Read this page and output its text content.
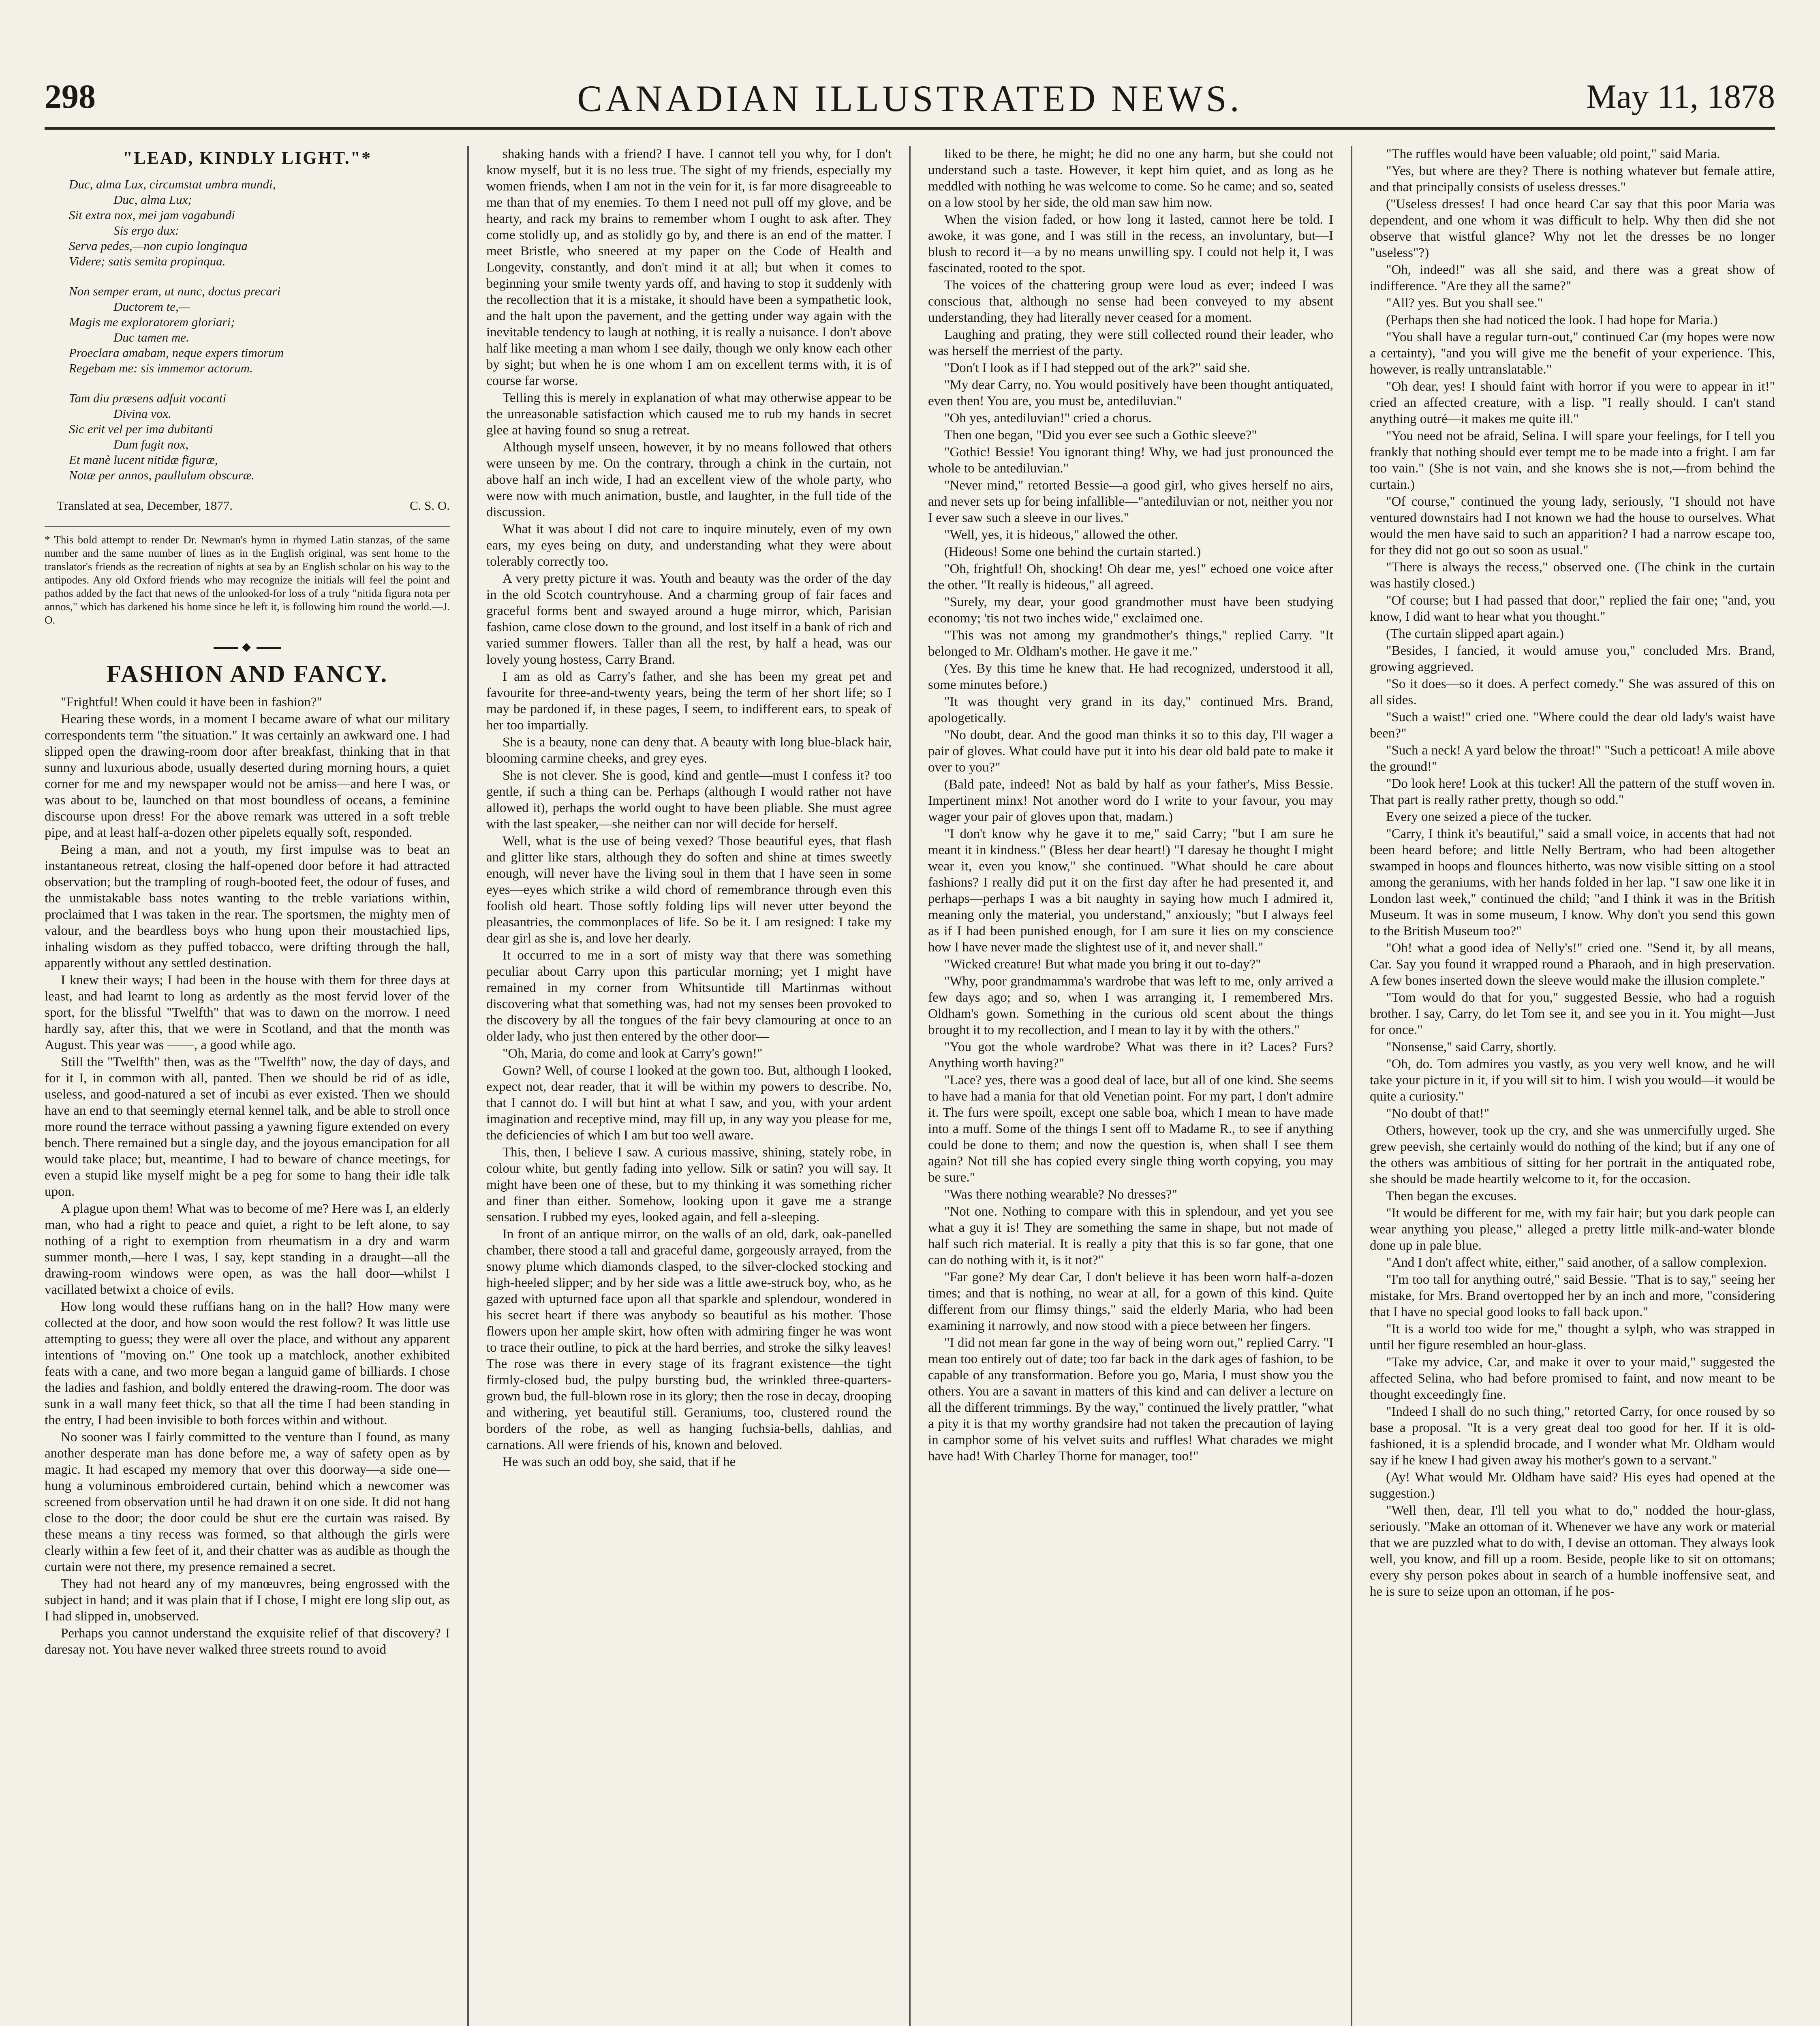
298	CANADIAN ILLUSTRATED NEWS.	May 11, 1878
"LEAD, KINDLY LIGHT."*
Duc, alma Lux, circumstat umbra mundi,
Duc, alma Lux;
Sit extra nox, mei jam vagabundi
Sis ergo dux:
Serva pedes,—non cupio longinqua
Videre; satis semita propinqua.
Non semper eram, ut nunc, doctus precari
Ductorem te,—
Magis me exploratorem gloriari;
Duc tamen me.
Proeclara amabam, neque expers timorum
Regebam me: sis immemor actorum.
Tam diu præsens adfuit vocanti
Divina vox.
Sic erit vel per ima dubitanti
Dum fugit nox,
Et manè lucent nitidæ figuræ,
Notæ per annos, paullulum obscuræ.
Translated at sea, December, 1877.	C. S. O.
* This bold attempt to render Dr. Newman's hymn in rhymed Latin stanzas, of the same number and the same number of lines as in the English original, was sent home to the translator's friends as the recreation of nights at sea by an English scholar on his way to the antipodes. Any old Oxford friends who may recognize the initials will feel the point and pathos added by the fact that news of the unlooked-for loss of a truly "nitida figura nota per annos," which has darkened his home since he left it, is following him round the world.—J. O.
◆
FASHION AND FANCY.

"Frightful! When could it have been in fashion?"

Hearing these words, in a moment I became aware of what our military correspondents term "the situation." It was certainly an awkward one. I had slipped open the drawing-room door after breakfast, thinking that in that sunny and luxurious abode, usually deserted during morning hours, a quiet corner for me and my newspaper would not be amiss—and here I was, or was about to be, launched on that most boundless of oceans, a feminine discourse upon dress! For the above remark was uttered in a soft treble pipe, and at least half-a-dozen other pipelets equally soft, responded.

Being a man, and not a youth, my first impulse was to beat an instantaneous retreat, closing the half-opened door before it had attracted observation; but the trampling of rough-booted feet, the odour of fuses, and the unmistakable bass notes wanting to the treble variations within, proclaimed that I was taken in the rear. The sportsmen, the mighty men of valour, and the beardless boys who hung upon their moustachied lips, inhaling wisdom as they puffed tobacco, were drifting through the hall, apparently without any settled destination.

I knew their ways; I had been in the house with them for three days at least, and had learnt to long as ardently as the most fervid lover of the sport, for the blissful "Twelfth" that was to dawn on the morrow. I need hardly say, after this, that we were in Scotland, and that the month was August. This year was ——, a good while ago.

Still the "Twelfth" then, was as the "Twelfth" now, the day of days, and for it I, in common with all, panted. Then we should be rid of as idle, useless, and good-natured a set of incubi as ever existed. Then we should have an end to that seemingly eternal kennel talk, and be able to stroll once more round the terrace without passing a yawning figure extended on every bench. There remained but a single day, and the joyous emancipation for all would take place; but, meantime, I had to beware of chance meetings, for even a stupid like myself might be a peg for some to hang their idle talk upon.

A plague upon them! What was to become of me? Here was I, an elderly man, who had a right to peace and quiet, a right to be left alone, to say nothing of a right to exemption from rheumatism in a dry and warm summer month,—here I was, I say, kept standing in a draught—all the drawing-room windows were open, as was the hall door—whilst I vacillated betwixt a choice of evils.

How long would these ruffians hang on in the hall? How many were collected at the door, and how soon would the rest follow? It was little use attempting to guess; they were all over the place, and without any apparent intentions of "moving on." One took up a matchlock, another exhibited feats with a cane, and two more began a languid game of billiards. I chose the ladies and fashion, and boldly entered the drawing-room. The door was sunk in a wall many feet thick, so that all the time I had been standing in the entry, I had been invisible to both forces within and without.

No sooner was I fairly committed to the venture than I found, as many another desperate man has done before me, a way of safety open as by magic. It had escaped my memory that over this doorway—a side one—hung a voluminous embroidered curtain, behind which a newcomer was screened from observation until he had drawn it on one side. It did not hang close to the door; the door could be shut ere the curtain was raised. By these means a tiny recess was formed, so that although the girls were clearly within a few feet of it, and their chatter was as audible as though the curtain were not there, my presence remained a secret.

They had not heard any of my manœuvres, being engrossed with the subject in hand; and it was plain that if I chose, I might ere long slip out, as I had slipped in, unobserved.

Perhaps you cannot understand the exquisite relief of that discovery? I daresay not. You have never walked three streets round to avoid

shaking hands with a friend? I have. I cannot tell you why, for I don't know myself, but it is no less true. The sight of my friends, especially my women friends, when I am not in the vein for it, is far more disagreeable to me than that of my enemies. To them I need not pull off my glove, and be hearty, and rack my brains to remember whom I ought to ask after. They come stolidly up, and as stolidly go by, and there is an end of the matter. I meet Bristle, who sneered at my paper on the Code of Health and Longevity, constantly, and don't mind it at all; but when it comes to beginning your smile twenty yards off, and having to stop it suddenly with the recollection that it is a mistake, it should have been a sympathetic look, and the halt upon the pavement, and the getting under way again with the inevitable tendency to laugh at nothing, it is really a nuisance. I don't above half like meeting a man whom I see daily, though we only know each other by sight; but when he is one whom I am on excellent terms with, it is of course far worse.

Telling this is merely in explanation of what may otherwise appear to be the unreasonable satisfaction which caused me to rub my hands in secret glee at having found so snug a retreat.

Although myself unseen, however, it by no means followed that others were unseen by me. On the contrary, through a chink in the curtain, not above half an inch wide, I had an excellent view of the whole party, who were now with much animation, bustle, and laughter, in the full tide of the discussion.

What it was about I did not care to inquire minutely, even of my own ears, my eyes being on duty, and understanding what they were about tolerably correctly too.

A very pretty picture it was. Youth and beauty was the order of the day in the old Scotch countryhouse. And a charming group of fair faces and graceful forms bent and swayed around a huge mirror, which, Parisian fashion, came close down to the ground, and lost itself in a bank of rich and varied summer flowers. Taller than all the rest, by half a head, was our lovely young hostess, Carry Brand.

I am as old as Carry's father, and she has been my great pet and favourite for three-and-twenty years, being the term of her short life; so I may be pardoned if, in these pages, I seem, to indifferent ears, to speak of her too impartially.

She is a beauty, none can deny that. A beauty with long blue-black hair, blooming carmine cheeks, and grey eyes.

She is not clever. She is good, kind and gentle—must I confess it? too gentle, if such a thing can be. Perhaps (although I would rather not have allowed it), perhaps the world ought to have been pliable. She must agree with the last speaker,—she neither can nor will decide for herself.

Well, what is the use of being vexed? Those beautiful eyes, that flash and glitter like stars, although they do soften and shine at times sweetly enough, will never have the living soul in them that I have seen in some eyes—eyes which strike a wild chord of remembrance through even this foolish old heart. Those softly folding lips will never utter beyond the pleasantries, the commonplaces of life. So be it. I am resigned: I take my dear girl as she is, and love her dearly.

It occurred to me in a sort of misty way that there was something peculiar about Carry upon this particular morning; yet I might have remained in my corner from Whitsuntide till Martinmas without discovering what that something was, had not my senses been provoked to the discovery by all the tongues of the fair bevy clamouring at once to an older lady, who just then entered by the other door—

"Oh, Maria, do come and look at Carry's gown!"

Gown? Well, of course I looked at the gown too. But, although I looked, expect not, dear reader, that it will be within my powers to describe. No, that I cannot do. I will but hint at what I saw, and you, with your ardent imagination and receptive mind, may fill up, in any way you please for me, the deficiencies of which I am but too well aware.

This, then, I believe I saw. A curious massive, shining, stately robe, in colour white, but gently fading into yellow. Silk or satin? you will say. It might have been one of these, but to my thinking it was something richer and finer than either. Somehow, looking upon it gave me a strange sensation. I rubbed my eyes, looked again, and fell a-sleeping.

In front of an antique mirror, on the walls of an old, dark, oak-panelled chamber, there stood a tall and graceful dame, gorgeously arrayed, from the snowy plume which diamonds clasped, to the silver-clocked stocking and high-heeled slipper; and by her side was a little awe-struck boy, who, as he gazed with upturned face upon all that sparkle and splendour, wondered in his secret heart if there was anybody so beautiful as his mother. Those flowers upon her ample skirt, how often with admiring finger he was wont to trace their outline, to pick at the hard berries, and stroke the silky leaves! The rose was there in every stage of its fragrant existence—the tight firmly-closed bud, the pulpy bursting bud, the wrinkled three-quarters-grown bud, the full-blown rose in its glory; then the rose in decay, drooping and withering, yet beautiful still. Geraniums, too, clustered round the borders of the robe, as well as hanging fuchsia-bells, dahlias, and carnations. All were friends of his, known and beloved.

He was such an odd boy, she said, that if he

liked to be there, he might; he did no one any harm, but she could not understand such a taste. However, it kept him quiet, and as long as he meddled with nothing he was welcome to come. So he came; and so, seated on a low stool by her side, the old man saw him now.

When the vision faded, or how long it lasted, cannot here be told. I awoke, it was gone, and I was still in the recess, an involuntary, but—I blush to record it—a by no means unwilling spy. I could not help it, I was fascinated, rooted to the spot.

The voices of the chattering group were loud as ever; indeed I was conscious that, although no sense had been conveyed to my absent understanding, they had literally never ceased for a moment.

Laughing and prating, they were still collected round their leader, who was herself the merriest of the party.

"Don't I look as if I had stepped out of the ark?" said she.

"My dear Carry, no. You would positively have been thought antiquated, even then! You are, you must be, antediluvian."

"Oh yes, antediluvian!" cried a chorus.

Then one began, "Did you ever see such a Gothic sleeve?"

"Gothic! Bessie! You ignorant thing! Why, we had just pronounced the whole to be antediluvian."

"Never mind," retorted Bessie—a good girl, who gives herself no airs, and never sets up for being infallible—"antediluvian or not, neither you nor I ever saw such a sleeve in our lives."

"Well, yes, it is hideous," allowed the other.

(Hideous! Some one behind the curtain started.)

"Oh, frightful! Oh, shocking! Oh dear me, yes!" echoed one voice after the other. "It really is hideous," all agreed.

"Surely, my dear, your good grandmother must have been studying economy; 'tis not two inches wide," exclaimed one.

"This was not among my grandmother's things," replied Carry. "It belonged to Mr. Oldham's mother. He gave it me."

(Yes. By this time he knew that. He had recognized, understood it all, some minutes before.)

"It was thought very grand in its day," continued Mrs. Brand, apologetically.

"No doubt, dear. And the good man thinks it so to this day, I'll wager a pair of gloves. What could have put it into his dear old bald pate to make it over to you?"

(Bald pate, indeed! Not as bald by half as your father's, Miss Bessie. Impertinent minx! Not another word do I write to your favour, you may wager your pair of gloves upon that, madam.)

"I don't know why he gave it to me," said Carry; "but I am sure he meant it in kindness." (Bless her dear heart!) "I daresay he thought I might wear it, even you know," she continued. "What should he care about fashions? I really did put it on the first day after he had presented it, and perhaps—perhaps I was a bit naughty in saying how much I admired it, meaning only the material, you understand," anxiously; "but I always feel as if I had been punished enough, for I am sure it lies on my conscience how I have never made the slightest use of it, and never shall."

"Wicked creature! But what made you bring it out to-day?"

"Why, poor grandmamma's wardrobe that was left to me, only arrived a few days ago; and so, when I was arranging it, I remembered Mrs. Oldham's gown. Something in the curious old scent about the things brought it to my recollection, and I mean to lay it by with the others."

"You got the whole wardrobe? What was there in it? Laces? Furs? Anything worth having?"

"Lace? yes, there was a good deal of lace, but all of one kind. She seems to have had a mania for that old Venetian point. For my part, I don't admire it. The furs were spoilt, except one sable boa, which I mean to have made into a muff. Some of the things I sent off to Madame R., to see if anything could be done to them; and now the question is, when shall I see them again? Not till she has copied every single thing worth copying, you may be sure."

"Was there nothing wearable? No dresses?"

"Not one. Nothing to compare with this in splendour, and yet you see what a guy it is! They are something the same in shape, but not made of half such rich material. It is really a pity that this is so far gone, that one can do nothing with it, is it not?"

"Far gone? My dear Car, I don't believe it has been worn half-a-dozen times; and that is nothing, no wear at all, for a gown of this kind. Quite different from our flimsy things," said the elderly Maria, who had been examining it narrowly, and now stood with a piece between her fingers.

"I did not mean far gone in the way of being worn out," replied Carry. "I mean too entirely out of date; too far back in the dark ages of fashion, to be capable of any transformation. Before you go, Maria, I must show you the others. You are a savant in matters of this kind and can deliver a lecture on all the different trimmings. By the way," continued the lively prattler, "what a pity it is that my worthy grandsire had not taken the precaution of laying in camphor some of his velvet suits and ruffles! What charades we might have had! With Charley Thorne for manager, too!"

"The ruffles would have been valuable; old point," said Maria.

"Yes, but where are they? There is nothing whatever but female attire, and that principally consists of useless dresses."

("Useless dresses! I had once heard Car say that this poor Maria was dependent, and one whom it was difficult to help. Why then did she not observe that wistful glance? Why not let the dresses be no longer "useless"?)

"Oh, indeed!" was all she said, and there was a great show of indifference. "Are they all the same?"

"All? yes. But you shall see."

(Perhaps then she had noticed the look. I had hope for Maria.)

"You shall have a regular turn-out," continued Car (my hopes were now a certainty), "and you will give me the benefit of your experience. This, however, is really untranslatable."

"Oh dear, yes! I should faint with horror if you were to appear in it!" cried an affected creature, with a lisp. "I really should. I can't stand anything outré—it makes me quite ill."

"You need not be afraid, Selina. I will spare your feelings, for I tell you frankly that nothing should ever tempt me to be made into a fright. I am far too vain." (She is not vain, and she knows she is not,—from behind the curtain.)

"Of course," continued the young lady, seriously, "I should not have ventured downstairs had I not known we had the house to ourselves. What would the men have said to such an apparition? I had a narrow escape too, for they did not go out so soon as usual."

"There is always the recess," observed one. (The chink in the curtain was hastily closed.)

"Of course; but I had passed that door," replied the fair one; "and, you know, I did want to hear what you thought."

(The curtain slipped apart again.)

"Besides, I fancied, it would amuse you," concluded Mrs. Brand, growing aggrieved.

"So it does—so it does. A perfect comedy." She was assured of this on all sides.

"Such a waist!" cried one. "Where could the dear old lady's waist have been?"

"Such a neck! A yard below the throat!" "Such a petticoat! A mile above the ground!"

"Do look here! Look at this tucker! All the pattern of the stuff woven in. That part is really rather pretty, though so odd."

Every one seized a piece of the tucker.

"Carry, I think it's beautiful," said a small voice, in accents that had not been heard before; and little Nelly Bertram, who had been altogether swamped in hoops and flounces hitherto, was now visible sitting on a stool among the geraniums, with her hands folded in her lap. "I saw one like it in London last week," continued the child; "and I think it was in the British Museum. It was in some museum, I know. Why don't you send this gown to the British Museum too?"

"Oh! what a good idea of Nelly's!" cried one. "Send it, by all means, Car. Say you found it wrapped round a Pharaoh, and in high preservation. A few bones inserted down the sleeve would make the illusion complete."

"Tom would do that for you," suggested Bessie, who had a roguish brother. I say, Carry, do let Tom see it, and see you in it. You might—Just for once."

"Nonsense," said Carry, shortly.

"Oh, do. Tom admires you vastly, as you very well know, and he will take your picture in it, if you will sit to him. I wish you would—it would be quite a curiosity."

"No doubt of that!"

Others, however, took up the cry, and she was unmercifully urged. She grew peevish, she certainly would do nothing of the kind; but if any one of the others was ambitious of sitting for her portrait in the antiquated robe, she should be made heartily welcome to it, for the occasion.

Then began the excuses.

"It would be different for me, with my fair hair; but you dark people can wear anything you please," alleged a pretty little milk-and-water blonde done up in pale blue.

"And I don't affect white, either," said another, of a sallow complexion.

"I'm too tall for anything outré," said Bessie. "That is to say," seeing her mistake, for Mrs. Brand overtopped her by an inch and more, "considering that I have no special good looks to fall back upon."

"It is a world too wide for me," thought a sylph, who was strapped in until her figure resembled an hour-glass.

"Take my advice, Car, and make it over to your maid," suggested the affected Selina, who had before promised to faint, and now meant to be thought exceedingly fine.

"Indeed I shall do no such thing," retorted Carry, for once roused by so base a proposal. "It is a very great deal too good for her. If it is old-fashioned, it is a splendid brocade, and I wonder what Mr. Oldham would say if he knew I had given away his mother's gown to a servant."

(Ay! What would Mr. Oldham have said? His eyes had opened at the suggestion.)

"Well then, dear, I'll tell you what to do," nodded the hour-glass, seriously. "Make an ottoman of it. Whenever we have any work or material that we are puzzled what to do with, I devise an ottoman. They always look well, you know, and fill up a room. Beside, people like to sit on ottomans; every shy person pokes about in search of a humble inoffensive seat, and he is sure to seize upon an ottoman, if he pos-
